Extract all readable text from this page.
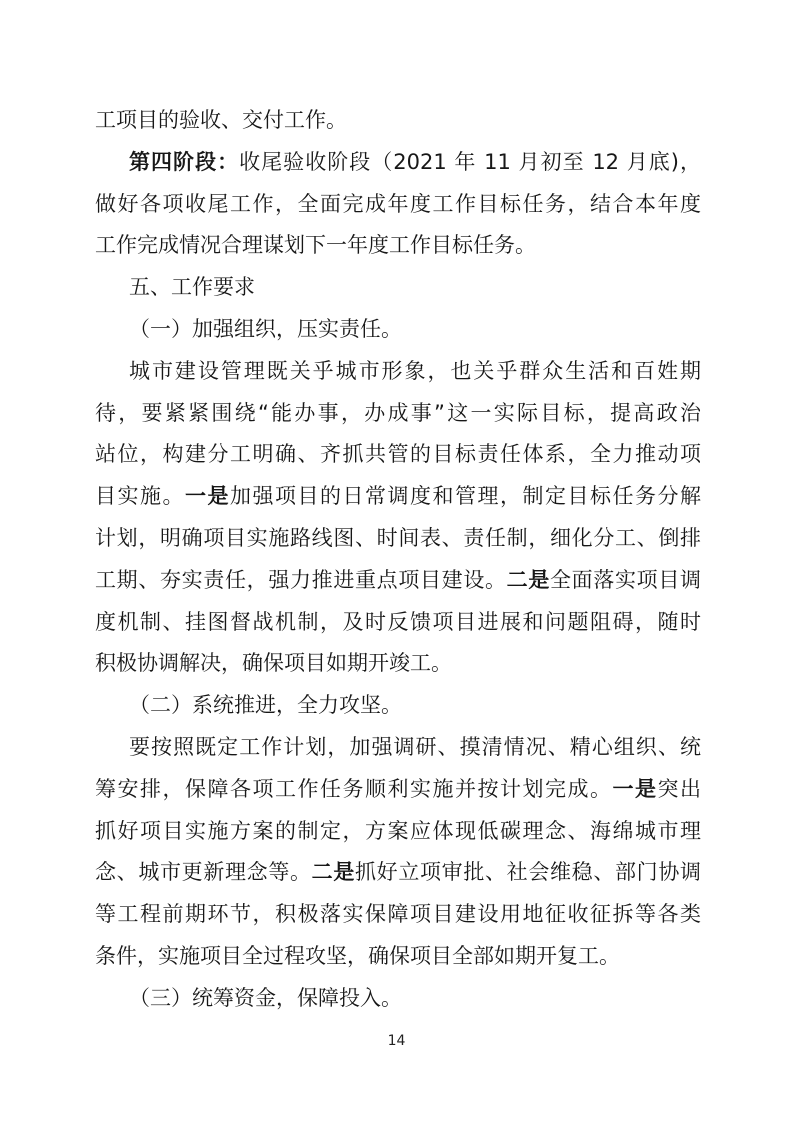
工项目的验收、交付工作。
第四阶段：收尾验收阶段（2021 年 11 月初至 12 月底)，
做好各项收尾工作，全面完成年度工作目标任务，结合本年度
工作完成情况合理谋划下一年度工作目标任务。
五、工作要求
（一）加强组织，压实责任。
城市建设管理既关乎城市形象，也关乎群众生活和百姓期
待，要紧紧围绕“能办事，办成事”这一实际目标，提高政治
站位，构建分工明确、齐抓共管的目标责任体系，全力推动项
目实施。一是加强项目的日常调度和管理，制定目标任务分解
计划，明确项目实施路线图、时间表、责任制，细化分工、倒排
工期、夯实责任，强力推进重点项目建设。二是全面落实项目调
度机制、挂图督战机制，及时反馈项目进展和问题阻碍，随时
积极协调解决，确保项目如期开竣工。
（二）系统推进，全力攻坚。
要按照既定工作计划，加强调研、摸清情况、精心组织、统
筹安排，保障各项工作任务顺利实施并按计划完成。一是突出
抓好项目实施方案的制定，方案应体现低碳理念、海绵城市理
念、城市更新理念等。二是抓好立项审批、社会维稳、部门协调
等工程前期环节，积极落实保障项目建设用地征收征拆等各类
条件，实施项目全过程攻坚，确保项目全部如期开复工。
（三）统筹资金，保障投入。
14
